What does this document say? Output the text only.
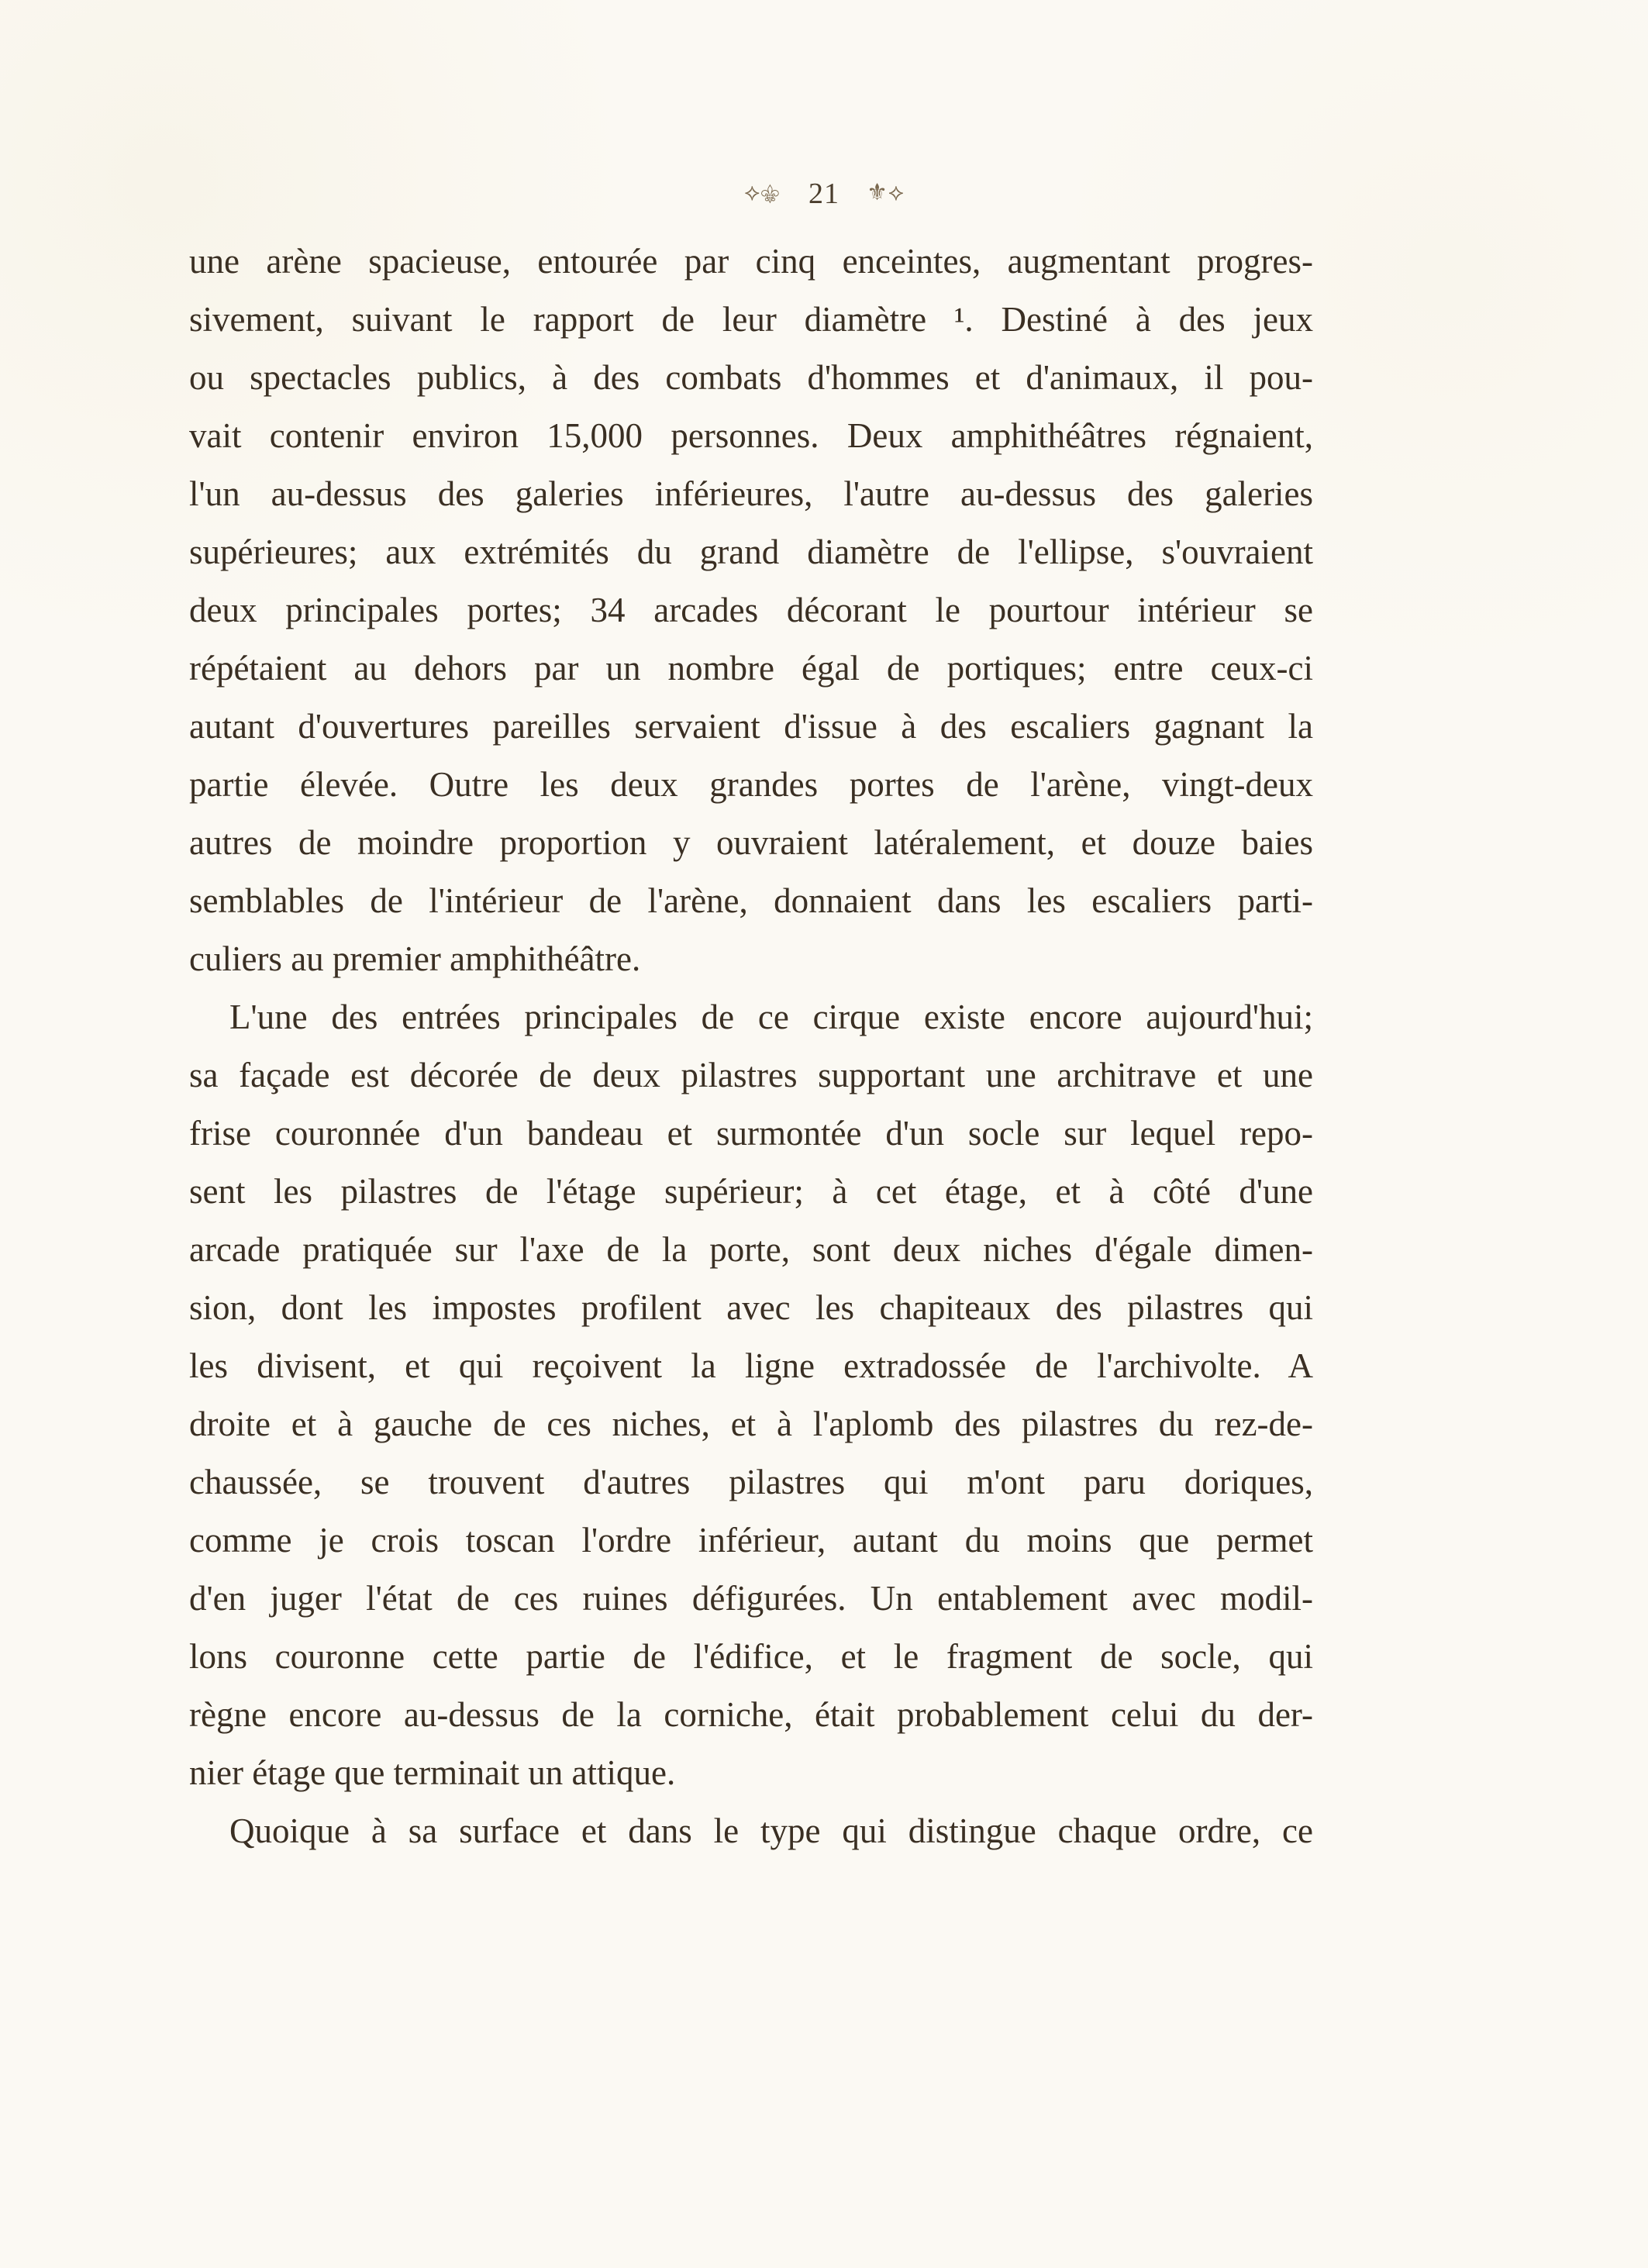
⟡⚜ 21 ⚜⟡
une arène spacieuse, entourée par cinq enceintes, augmentant progres-
sivement, suivant le rapport de leur diamètre ¹. Destiné à des jeux
ou spectacles publics, à des combats d'hommes et d'animaux, il pou-
vait contenir environ 15,000 personnes. Deux amphithéâtres régnaient,
l'un au-dessus des galeries inférieures, l'autre au-dessus des galeries
supérieures; aux extrémités du grand diamètre de l'ellipse, s'ouvraient
deux principales portes; 34 arcades décorant le pourtour intérieur se
répétaient au dehors par un nombre égal de portiques; entre ceux-ci
autant d'ouvertures pareilles servaient d'issue à des escaliers gagnant la
partie élevée. Outre les deux grandes portes de l'arène, vingt-deux
autres de moindre proportion y ouvraient latéralement, et douze baies
semblables de l'intérieur de l'arène, donnaient dans les escaliers parti-
culiers au premier amphithéâtre.
L'une des entrées principales de ce cirque existe encore aujourd'hui;
sa façade est décorée de deux pilastres supportant une architrave et une
frise couronnée d'un bandeau et surmontée d'un socle sur lequel repo-
sent les pilastres de l'étage supérieur; à cet étage, et à côté d'une
arcade pratiquée sur l'axe de la porte, sont deux niches d'égale dimen-
sion, dont les impostes profilent avec les chapiteaux des pilastres qui
les divisent, et qui reçoivent la ligne extradossée de l'archivolte. A
droite et à gauche de ces niches, et à l'aplomb des pilastres du rez-de-
chaussée, se trouvent d'autres pilastres qui m'ont paru doriques,
comme je crois toscan l'ordre inférieur, autant du moins que permet
d'en juger l'état de ces ruines défigurées. Un entablement avec modil-
lons couronne cette partie de l'édifice, et le fragment de socle, qui
règne encore au-dessus de la corniche, était probablement celui du der-
nier étage que terminait un attique.
Quoique à sa surface et dans le type qui distingue chaque ordre, ce
